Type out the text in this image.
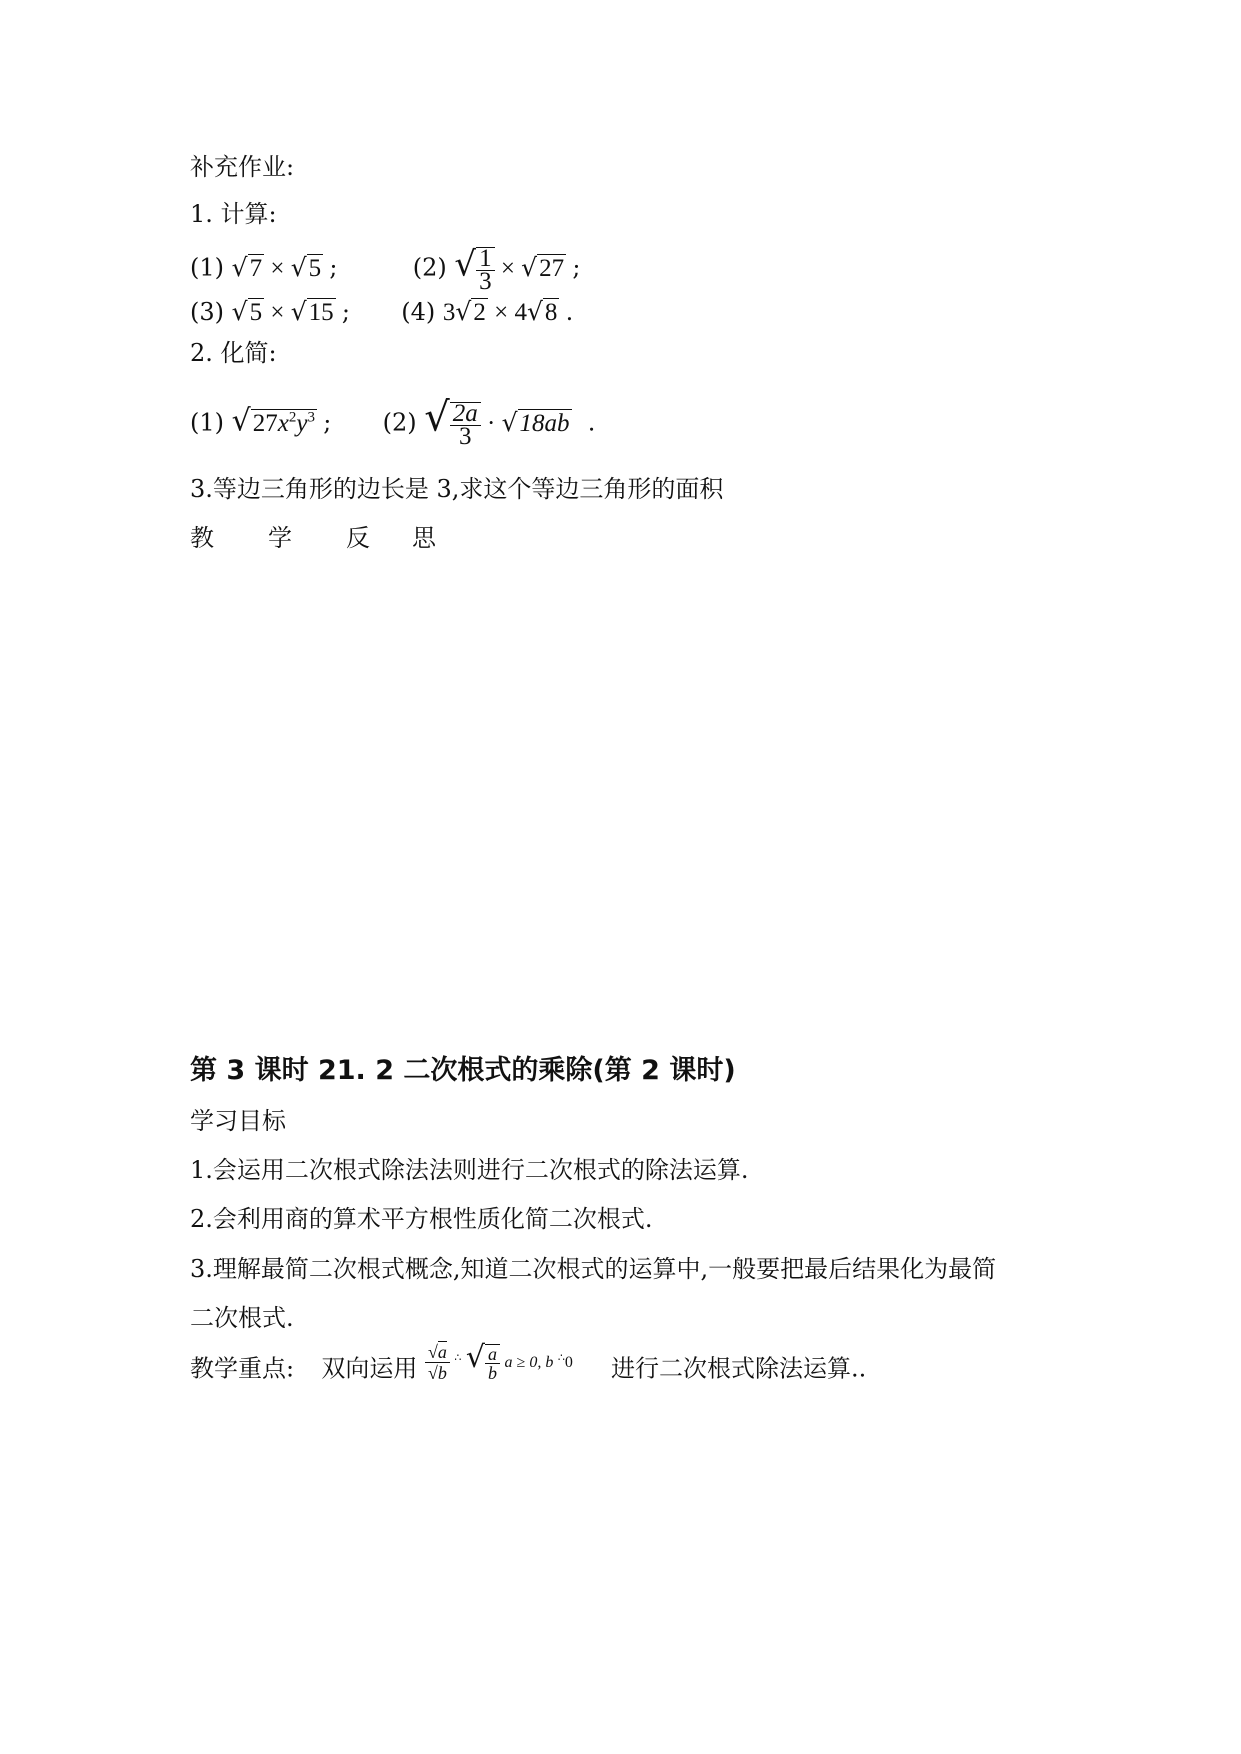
补充作业:
1. 计算:
(1) √7 × √5 ;	(2) √ $\frac{1}{3} \times √27$ ;
(3) √5 × √15 ; (4) 3√2 × 4√8 .
2. 化简:
(1) $√27x^2y^3$ ; (2) √ $\frac{2a}{3} \cdot √18ab$ .
3.等边三角形的边长是 3,求这个等边三角形的面积
教 学 反 思
第 3 课时 21. 2 二次根式的乘除(第 2 课时)
学习目标
1.会运用二次根式除法法则进行二次根式的除法运算.
2.会利用商的算术平方根性质化简二次根式.
3.理解最简二次根式概念,知道二次根式的运算中,一般要把最后结果化为最简
二次根式.
教学重点: 双向运用 $^{\frac{√a}{√b} ^\therefore √ \frac{a}{b} a \ge 0, b ^\therefore 0}$ 进行二次根式除法运算..
